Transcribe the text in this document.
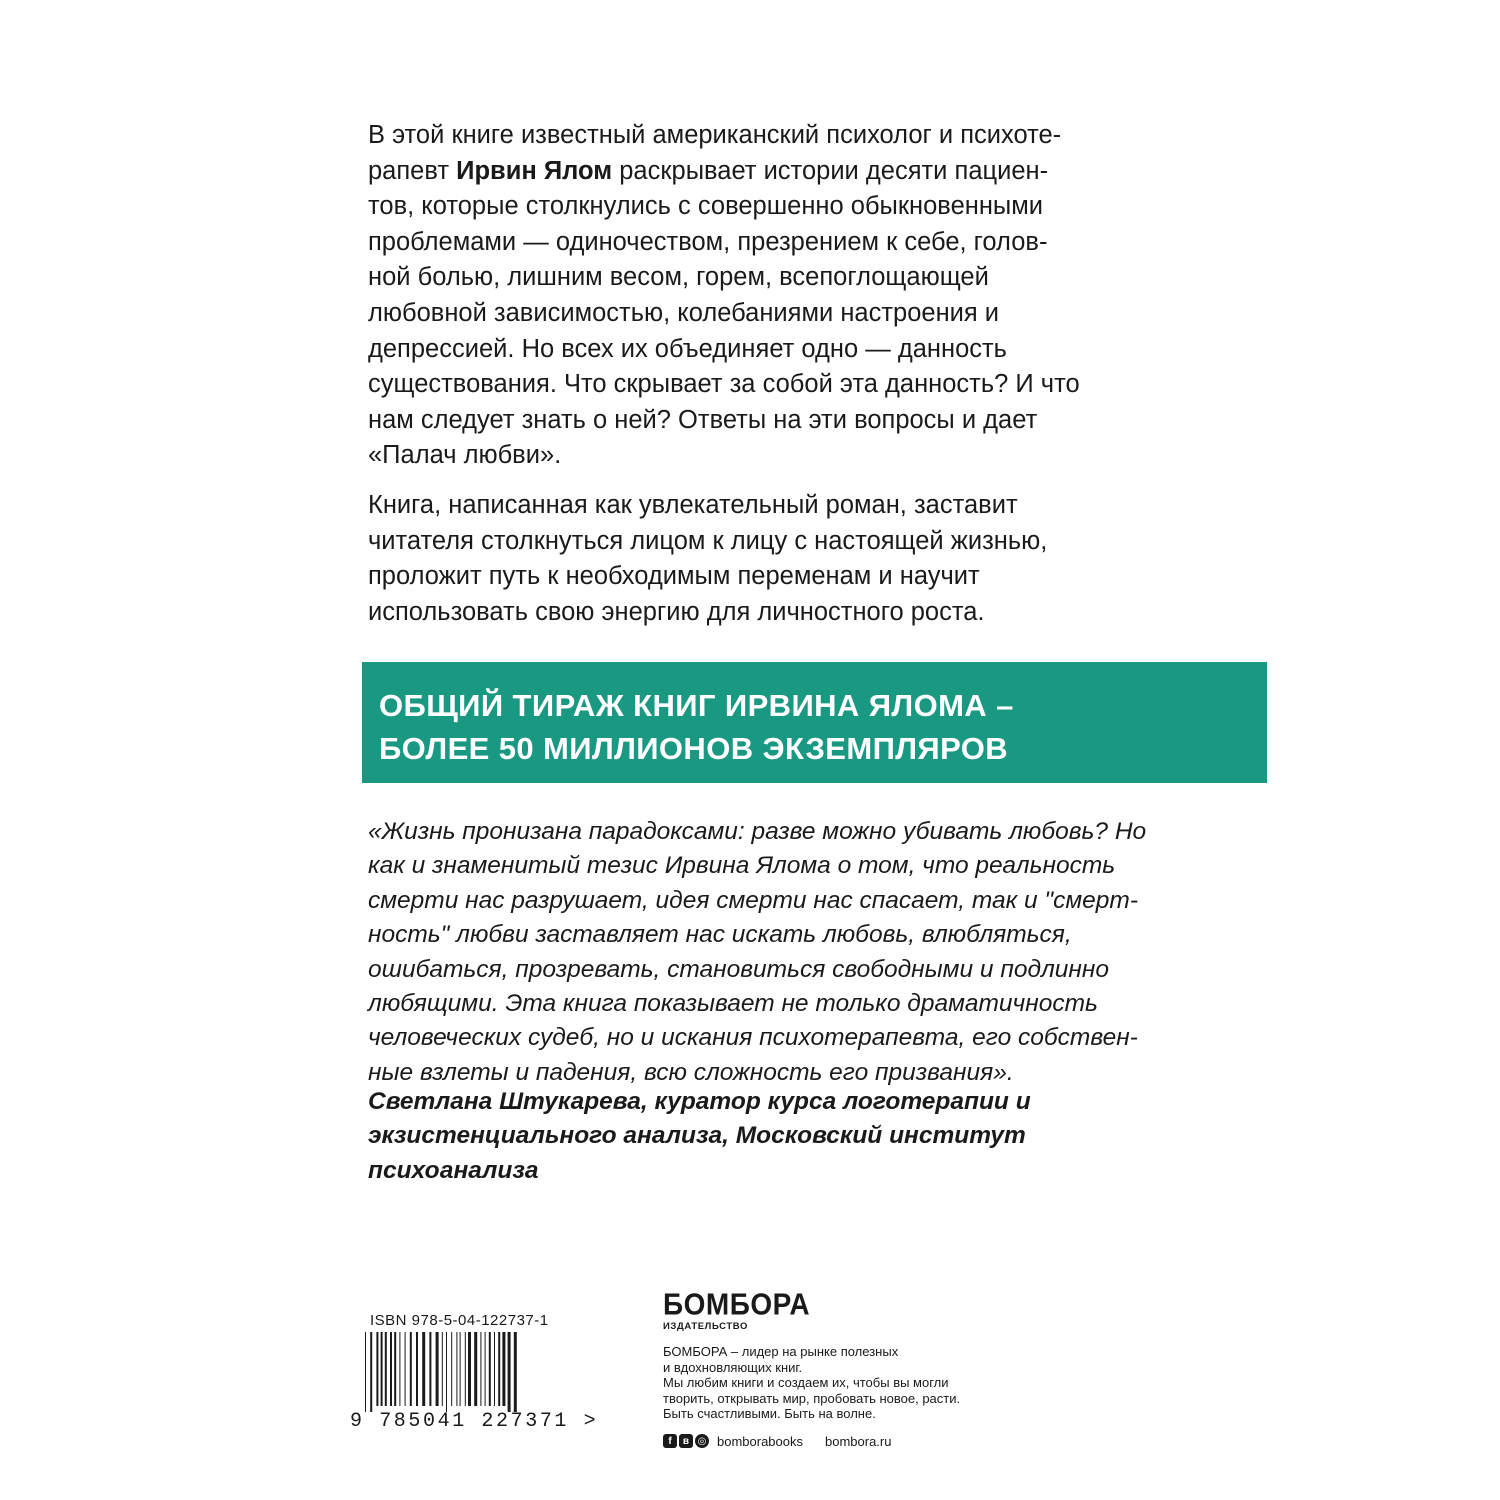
В этой книге известный американский психолог и психоте-
рапевт Ирвин Ялом раскрывает истории десяти пациен-
тов, которые столкнулись с совершенно обыкновенными
проблемами — одиночеством, презрением к себе, голов-
ной болью, лишним весом, горем, всепоглощающей
любовной зависимостью, колебаниями настроения и
депрессией. Но всех их объединяет одно — данность
существования. Что скрывает за собой эта данность? И что
нам следует знать о ней? Ответы на эти вопросы и дает
«Палач любви».

Книга, написанная как увлекательный роман, заставит
читателя столкнуться лицом к лицу с настоящей жизнью,
проложит путь к необходимым переменам и научит
использовать свою энергию для личностного роста.

ОБЩИЙ ТИРАЖ КНИГ ИРВИНА ЯЛОМА –
БОЛЕЕ 50 МИЛЛИОНОВ ЭКЗЕМПЛЯРОВ
«Жизнь пронизана парадоксами: разве можно убивать любовь? Но
как и знаменитый тезис Ирвина Ялома о том, что реальность
смерти нас разрушает, идея смерти нас спасает, так и "смерт-
ность" любви заставляет нас искать любовь, влюбляться,
ошибаться, прозревать, становиться свободными и подлинно
любящими. Эта книга показывает не только драматичность
человеческих судеб, но и искания психотерапевта, его собствен-
ные взлеты и падения, всю сложность его призвания».
Светлана Штукарева, куратор курса логотерапии и
экзистенциального анализа, Московский институт
психоанализа
ISBN 978-5-04-122737-1
9 785041 227371 >
БОМБОРА
ИЗДАТЕЛЬСТВО
БОМБОРА – лидер на рынке полезных
и вдохновляющих книг.
Мы любим книги и создаем их, чтобы вы могли
творить, открывать мир, пробовать новое, расти.
Быть счастливыми. Быть на волне.
f	в ◎ bomborabooks bombora.ru
